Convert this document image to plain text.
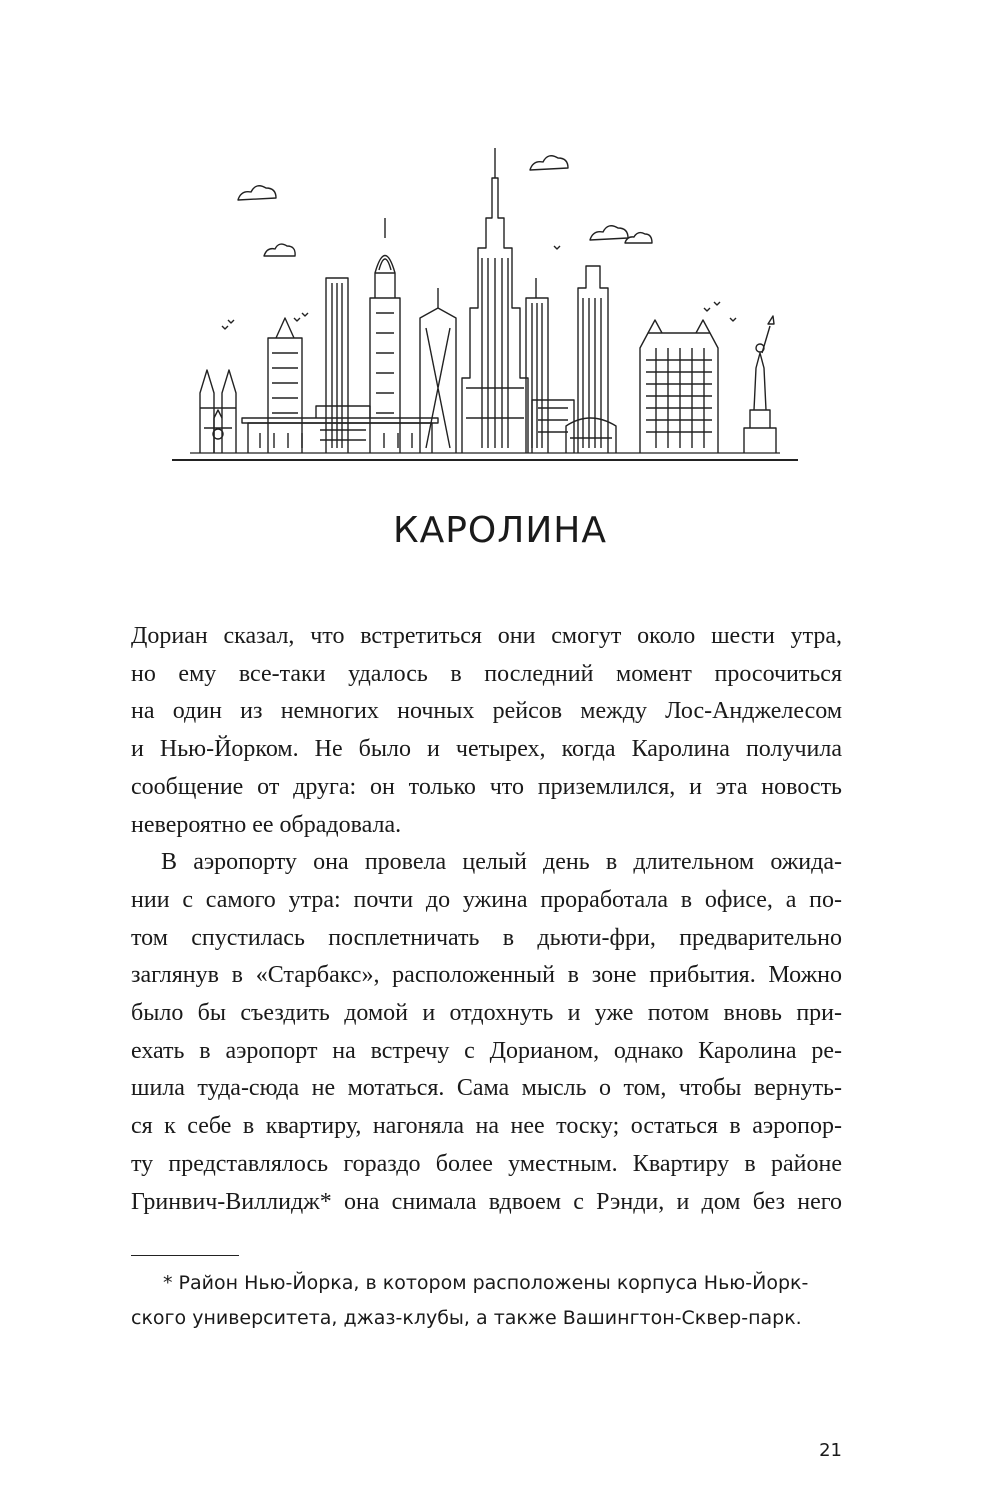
КАРОЛИНА

Дориан сказал, что встретиться они смогут около шести утра,
но ему все-таки удалось в последний момент просочиться
на один из немногих ночных рейсов между Лос-Анджелесом
и Нью-Йорком. Не было и четырех, когда Каролина получила
сообщение от друга: он только что приземлился, и эта новость
невероятно ее обрадовала.

В аэропорту она провела целый день в длительном ожида-
нии с самого утра: почти до ужина проработала в офисе, а по-
том спустилась посплетничать в дьюти-фри, предварительно
заглянув в «Старбакс», расположенный в зоне прибытия. Можно
было бы съездить домой и отдохнуть и уже потом вновь при-
ехать в аэропорт на встречу с Дорианом, однако Каролина ре-
шила туда-сюда не мотаться. Сама мысль о том, чтобы вернуть-
ся к себе в квартиру, нагоняла на нее тоску; остаться в аэропор-
ту представлялось гораздо более уместным. Квартиру в районе
Гринвич-Виллидж* она снимала вдвоем с Рэнди, и дом без него

* Район Нью-Йорка, в котором расположены корпуса Нью-Йорк-
ского университета, джаз-клубы, а также Вашингтон-Сквер-парк.
21
